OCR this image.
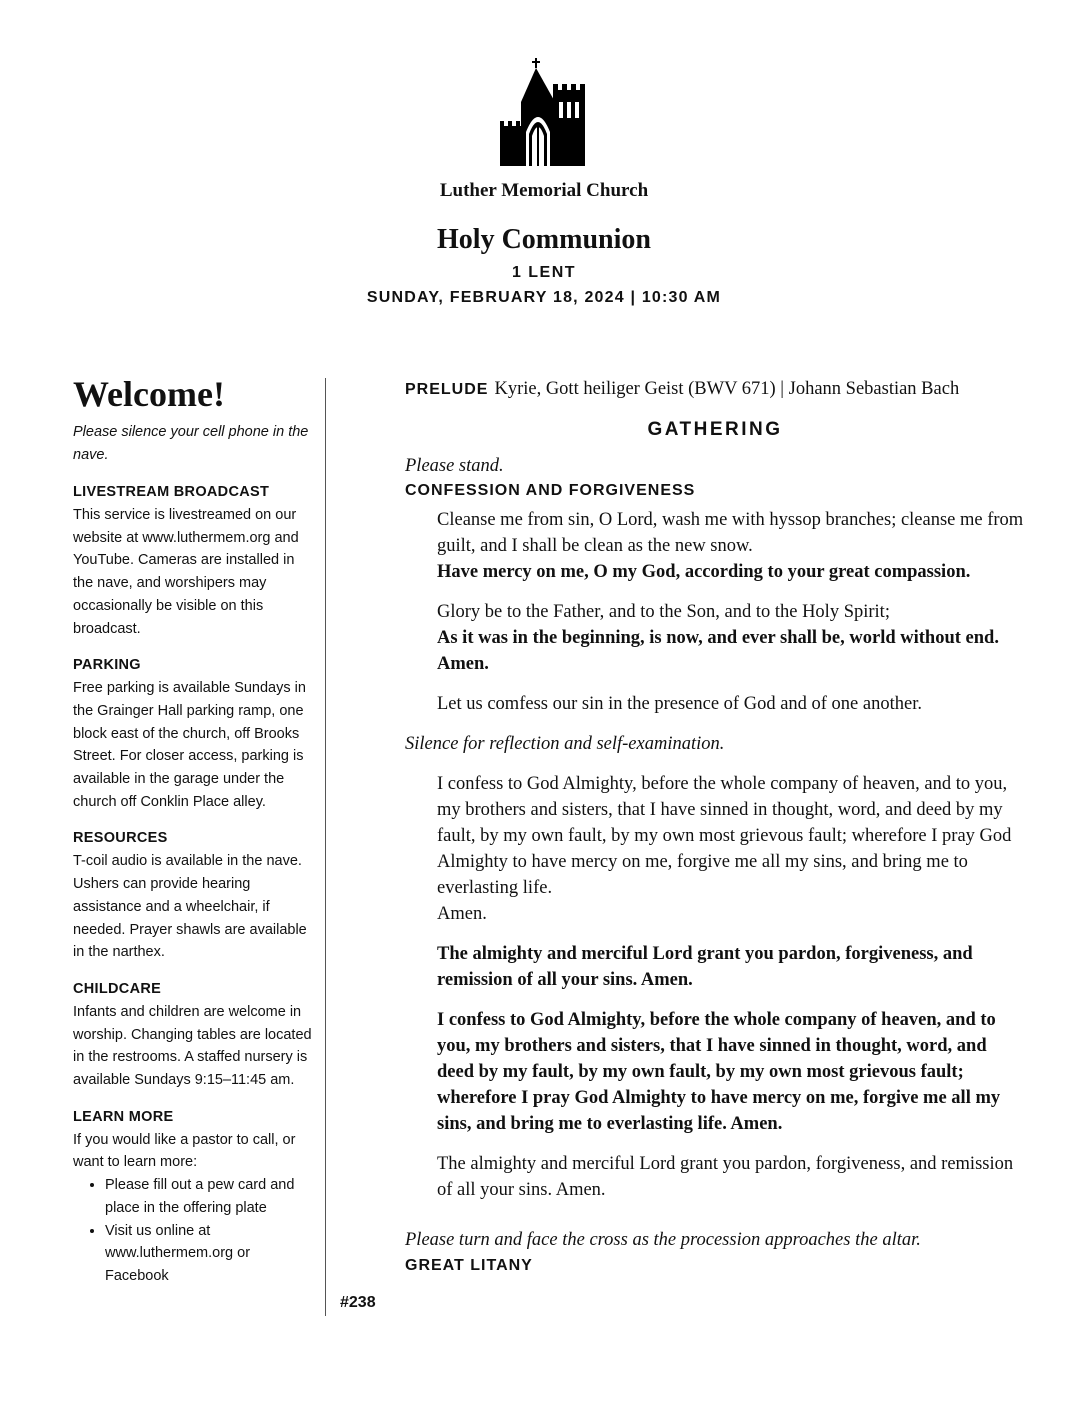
Luther Memorial Church
Holy Communion
1 LENT
SUNDAY, FEBRUARY 18, 2024 | 10:30 AM
Welcome!
Please silence your cell phone in the nave.
LIVESTREAM BROADCAST
This service is livestreamed on our website at www.luthermem.org and YouTube. Cameras are installed in the nave, and worshipers may occasionally be visible on this broadcast.
PARKING
Free parking is available Sundays in the Grainger Hall parking ramp, one block east of the church, off Brooks Street. For closer access, parking is available in the garage under the church off Conklin Place alley.
RESOURCES
T-coil audio is available in the nave. Ushers can provide hearing assistance and a wheelchair, if needed. Prayer shawls are available in the narthex.
CHILDCARE
Infants and children are welcome in worship. Changing tables are located in the restrooms. A staffed nursery is available Sundays 9:15–11:45 am.
LEARN MORE
If you would like a pastor to call, or want to learn more:
• Please fill out a pew card and place in the offering plate
• Visit us online at www.luthermem.org or Facebook
PRELUDE Kyrie, Gott heiliger Geist (BWV 671) | Johann Sebastian Bach
GATHERING
Please stand.
CONFESSION AND FORGIVENESS
Cleanse me from sin, O Lord, wash me with hyssop branches; cleanse me from guilt, and I shall be clean as the new snow.
Have mercy on me, O my God, according to your great compassion.
Glory be to the Father, and to the Son, and to the Holy Spirit;
As it was in the beginning, is now, and ever shall be, world without end. Amen.
Let us comfess our sin in the presence of God and of one another.
Silence for reflection and self-examination.
I confess to God Almighty, before the whole company of heaven, and to you, my brothers and sisters, that I have sinned in thought, word, and deed by my fault, by my own fault, by my own most grievous fault; wherefore I pray God Almighty to have mercy on me, forgive me all my sins, and bring me to everlasting life.
Amen.
The almighty and merciful Lord grant you pardon, forgiveness, and remission of all your sins. Amen.
I confess to God Almighty, before the whole company of heaven, and to you, my brothers and sisters, that I have sinned in thought, word, and deed by my fault, by my own fault, by my own most grievous fault; wherefore I pray God Almighty to have mercy on me, forgive me all my sins, and bring me to everlasting life. Amen.
The almighty and merciful Lord grant you pardon, forgiveness, and remission of all your sins. Amen.
Please turn and face the cross as the procession approaches the altar.
GREAT LITANY
#238
